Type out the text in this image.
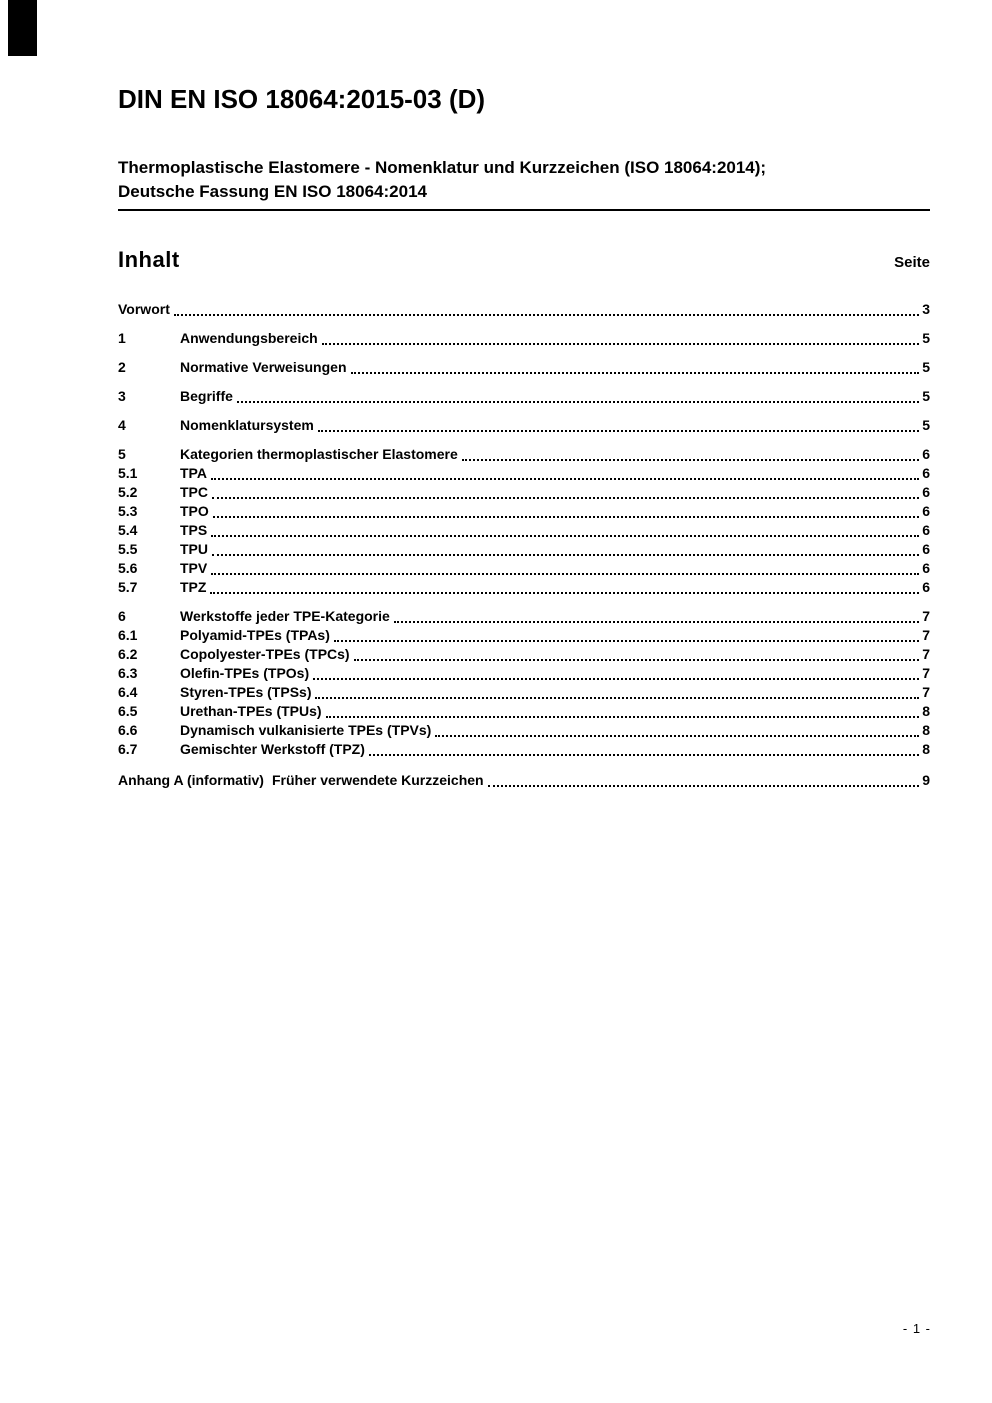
DIN EN ISO 18064:2015-03 (D)
Thermoplastische Elastomere - Nomenklatur und Kurzzeichen (ISO 18064:2014);
Deutsche Fassung EN ISO 18064:2014
Inhalt	Seite
Vorwort	3
1	Anwendungsbereich	5
2	Normative Verweisungen	5
3	Begriffe	5
4	Nomenklatursystem	5
5	Kategorien thermoplastischer Elastomere	6
5.1	TPA	6
5.2	TPC	6
5.3	TPO	6
5.4	TPS	6
5.5	TPU	6
5.6	TPV	6
5.7	TPZ	6
6	Werkstoffe jeder TPE-Kategorie	7
6.1	Polyamid-TPEs (TPAs)	7
6.2	Copolyester-TPEs (TPCs)	7
6.3	Olefin-TPEs (TPOs)	7
6.4	Styren-TPEs (TPSs)	7
6.5	Urethan-TPEs (TPUs)	8
6.6	Dynamisch vulkanisierte TPEs (TPVs)	8
6.7	Gemischter Werkstoff (TPZ)	8
Anhang A (informativ) Früher verwendete Kurzzeichen	9
- 1 -
